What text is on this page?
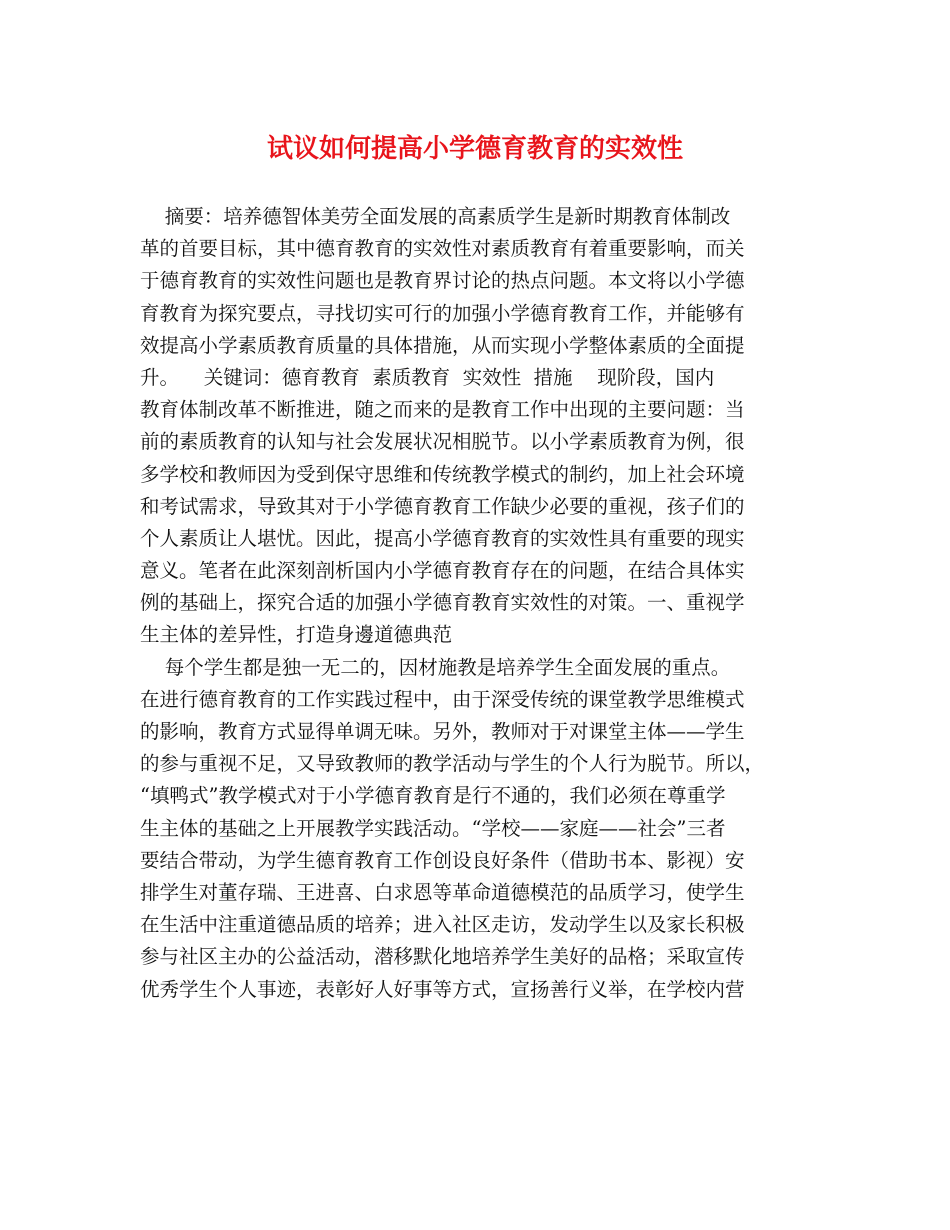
试议如何提高小学德育教育的实效性
摘要：培养德智体美劳全面发展的高素质学生是新时期教育体制改
革的首要目标，其中德育教育的实效性对素质教育有着重要影响，而关
于德育教育的实效性问题也是教育界讨论的热点问题。本文将以小学德
育教育为探究要点，寻找切实可行的加强小学德育教育工作，并能够有
效提高小学素质教育质量的具体措施，从而实现小学整体素质的全面提
升。    关键词：德育教育  素质教育  实效性  措施    现阶段，国内
教育体制改革不断推进，随之而来的是教育工作中出现的主要问题：当
前的素质教育的认知与社会发展状况相脱节。以小学素质教育为例，很
多学校和教师因为受到保守思维和传统教学模式的制约，加上社会环境
和考试需求，导致其对于小学德育教育工作缺少必要的重视，孩子们的
个人素质让人堪忧。因此，提高小学德育教育的实效性具有重要的现实
意义。笔者在此深刻剖析国内小学德育教育存在的问题，在结合具体实
例的基础上，探究合适的加强小学德育教育实效性的对策。一、重视学
生主体的差异性，打造身邊道德典范
每个学生都是独一无二的，因材施教是培养学生全面发展的重点。
在进行德育教育的工作实践过程中，由于深受传统的课堂教学思维模式
的影响，教育方式显得单调无味。另外，教师对于对课堂主体——学生
的参与重视不足，又导致教师的教学活动与学生的个人行为脱节。所以，
“填鸭式”教学模式对于小学德育教育是行不通的，我们必须在尊重学
生主体的基础之上开展教学实践活动。“学校——家庭——社会”三者
要结合带动，为学生德育教育工作创设良好条件（借助书本、影视）安
排学生对董存瑞、王进喜、白求恩等革命道德模范的品质学习，使学生
在生活中注重道德品质的培养；进入社区走访，发动学生以及家长积极
参与社区主办的公益活动，潜移默化地培养学生美好的品格；采取宣传
优秀学生个人事迹，表彰好人好事等方式，宣扬善行义举，在学校内营
